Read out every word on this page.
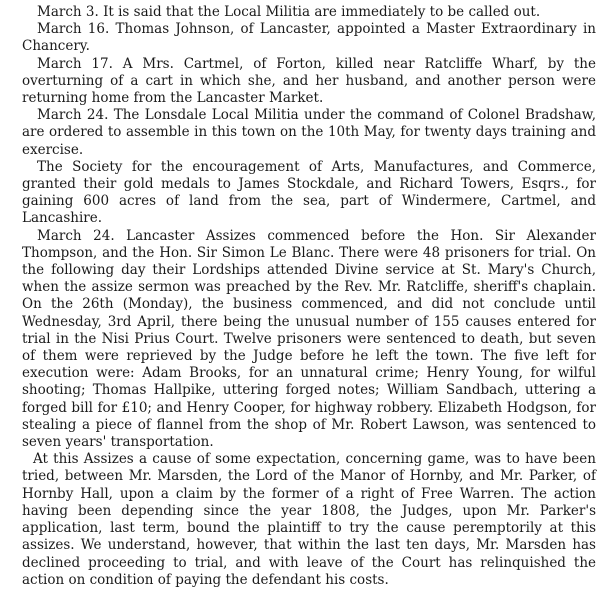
March 3. It is said that the Local Militia are immediately to be called out.

March 16. Thomas Johnson, of Lancaster, appointed a Master Extraordinary in Chancery.

March 17. A Mrs. Cartmel, of Forton, killed near Ratcliffe Wharf, by the overturning of a cart in which she, and her husband, and another person were returning home from the Lancaster Market.

March 24. The Lonsdale Local Militia under the command of Colonel Bradshaw, are ordered to assemble in this town on the 10th May, for twenty days training and exercise.

The Society for the encouragement of Arts, Manufactures, and Commerce, granted their gold medals to James Stockdale, and Richard Towers, Esqrs., for gaining 600 acres of land from the sea, part of Windermere, Cartmel, and Lancashire.

March 24. Lancaster Assizes commenced before the Hon. Sir Alexander Thompson, and the Hon. Sir Simon Le Blanc. There were 48 prisoners for trial. On the following day their Lordships attended Divine service at St. Mary's Church, when the assize sermon was preached by the Rev. Mr. Ratcliffe, sheriff's chaplain. On the 26th (Monday), the business commenced, and did not conclude until Wednesday, 3rd April, there being the unusual number of 155 causes entered for trial in the Nisi Prius Court. Twelve prisoners were sentenced to death, but seven of them were reprieved by the Judge before he left the town. The five left for execution were: Adam Brooks, for an unnatural crime; Henry Young, for wilful shooting; Thomas Hallpike, uttering forged notes; William Sandbach, uttering a forged bill for £10; and Henry Cooper, for highway robbery. Elizabeth Hodgson, for stealing a piece of flannel from the shop of Mr. Robert Lawson, was sentenced to seven years' transportation.

At this Assizes a cause of some expectation, concerning game, was to have been tried, between Mr. Marsden, the Lord of the Manor of Hornby, and Mr. Parker, of Hornby Hall, upon a claim by the former of a right of Free Warren. The action having been depending since the year 1808, the Judges, upon Mr. Parker's application, last term, bound the plaintiff to try the cause peremptorily at this assizes. We understand, however, that within the last ten days, Mr. Marsden has declined proceeding to trial, and with leave of the Court has relinquished the action on condition of paying the defendant his costs.
